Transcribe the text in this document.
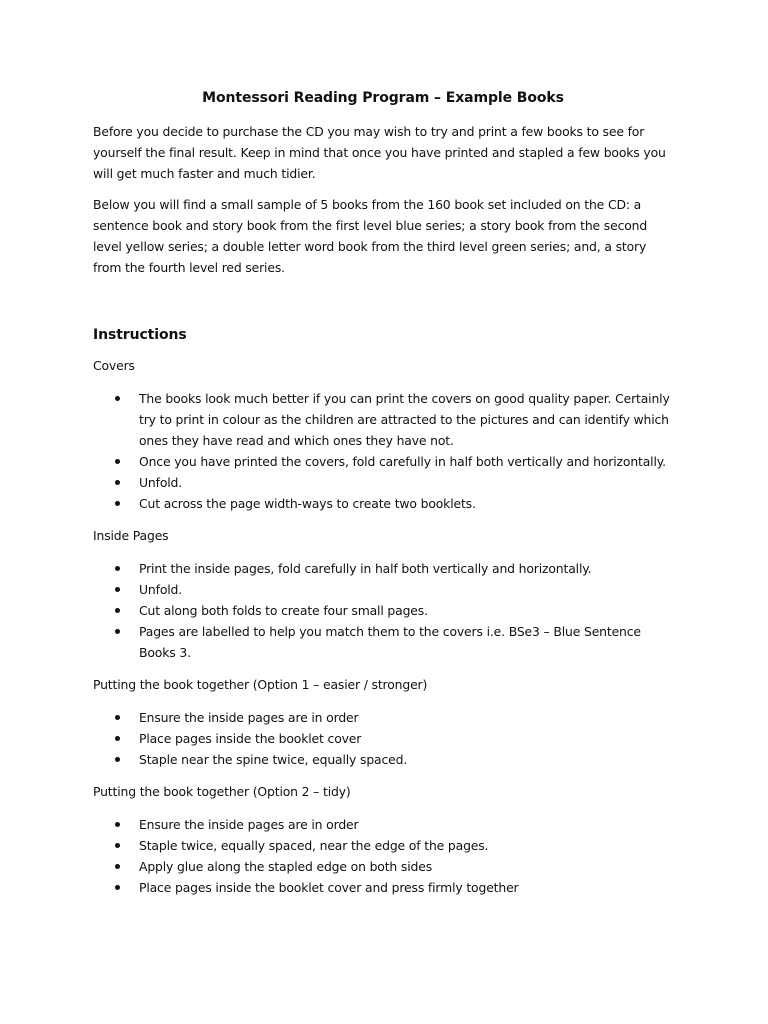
Montessori Reading Program – Example Books

Before you decide to purchase the CD you may wish to try and print a few books to see for yourself the final result. Keep in mind that once you have printed and stapled a few books you will get much faster and much tidier.

Below you will find a small sample of 5 books from the 160 book set included on the CD: a sentence book and story book from the first level blue series; a story book from the second level yellow series; a double letter word book from the third level green series; and, a story from the fourth level red series.

Instructions
Covers
The books look much better if you can print the covers on good quality paper. Certainly try to print in colour as the children are attracted to the pictures and can identify which ones they have read and which ones they have not.
Once you have printed the covers, fold carefully in half both vertically and horizontally.
Unfold.
Cut across the page width-ways to create two booklets.
Inside Pages
Print the inside pages, fold carefully in half both vertically and horizontally.
Unfold.
Cut along both folds to create four small pages.
Pages are labelled to help you match them to the covers i.e. BSe3 – Blue Sentence Books 3.
Putting the book together (Option 1 – easier / stronger)
Ensure the inside pages are in order
Place pages inside the booklet cover
Staple near the spine twice, equally spaced.
Putting the book together (Option 2 – tidy)
Ensure the inside pages are in order
Staple twice, equally spaced, near the edge of the pages.
Apply glue along the stapled edge on both sides
Place pages inside the booklet cover and press firmly together
